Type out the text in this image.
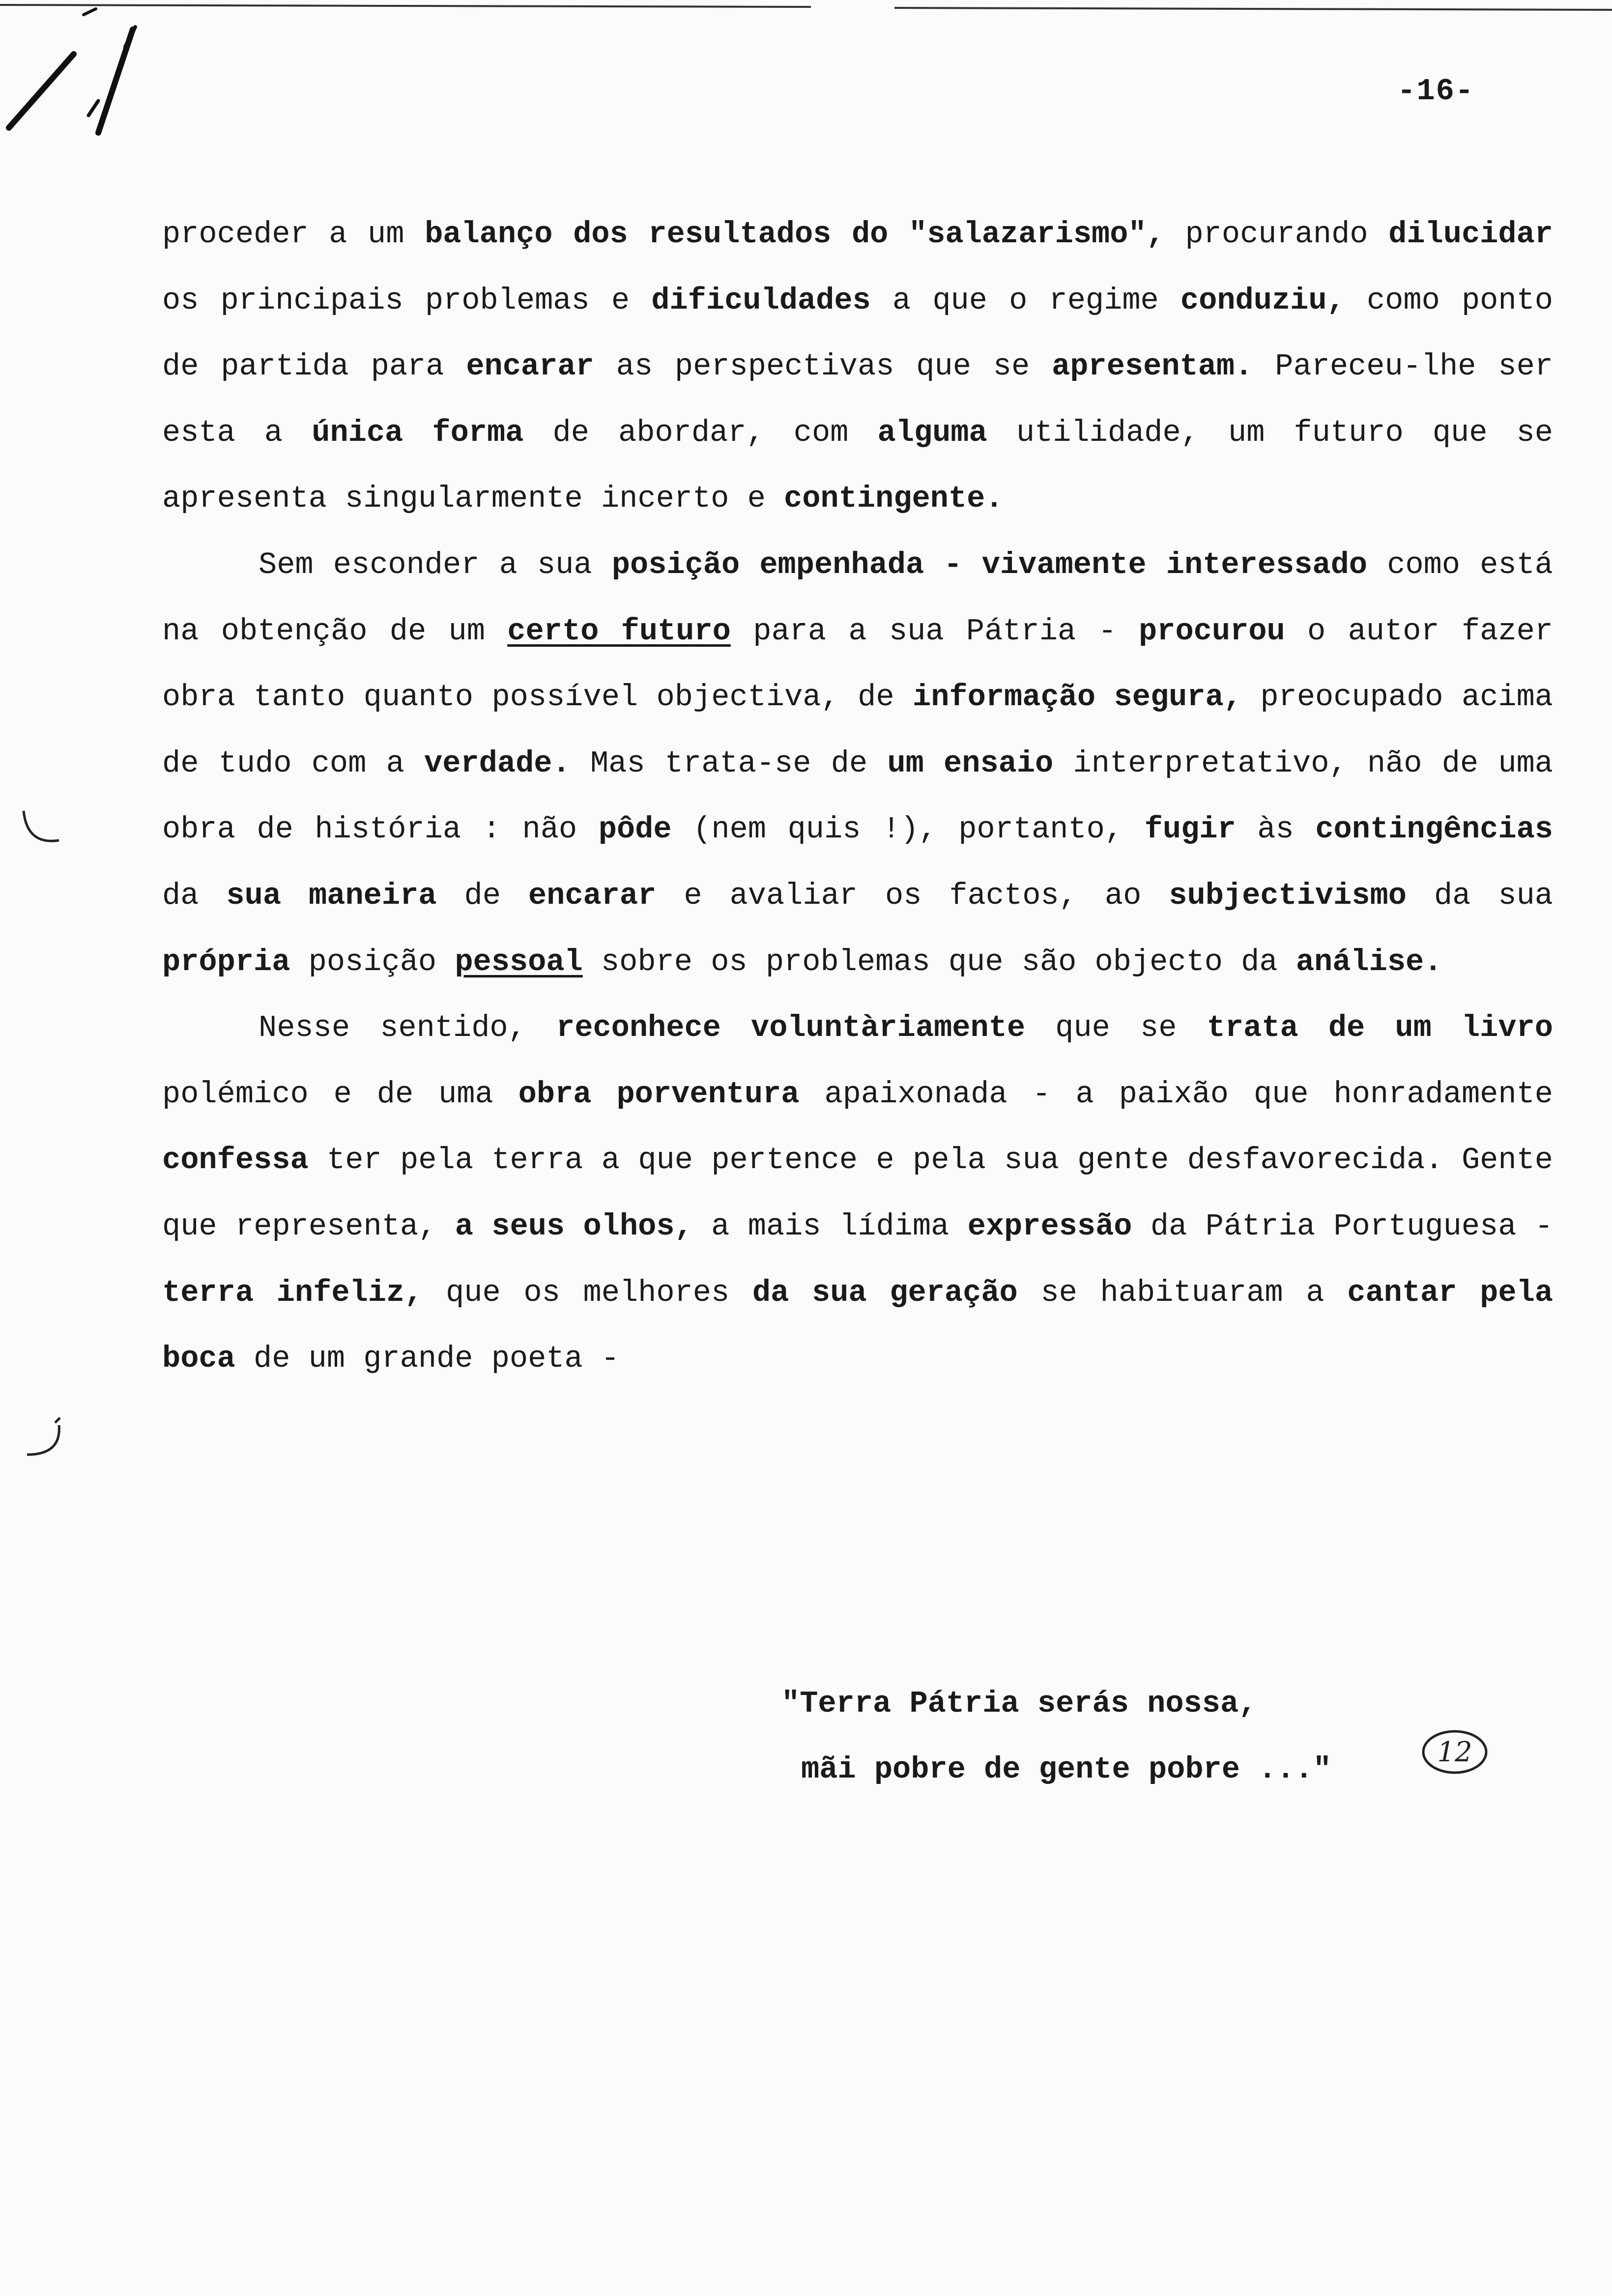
-16-

proceder a um balanço dos resultados do "salazarismo", procurando dilucidar os principais problemas e dificuldades a que o regime conduziu, como ponto de partida para encarar as perspectivas que se apresentam. Pareceu-lhe ser esta a única forma de abordar, com alguma utilidade, um futuro que se apresenta singularmente incerto e contingente.

Sem esconder a sua posição empenhada - vivamente interessado como está na obtenção de um certo futuro para a sua Pátria - procurou o autor fazer obra tanto quanto possível objectiva, de informação segura, preocupado acima de tudo com a verdade. Mas trata-se de um ensaio interpretativo, não de uma obra de história : não pôde (nem quis !), portanto, fugir às contingências da sua maneira de encarar e avaliar os factos, ao subjectivismo da sua própria posição pessoal sobre os problemas que são objecto da análise.

Nesse sentido, reconhece voluntàriamente que se trata de um livro polémico e de uma obra porventura apaixonada - a paixão que honradamente confessa ter pela terra a que pertence e pela sua gente desfavorecida. Gente que representa, a seus olhos, a mais lídima expressão da Pátria Portuguesa - terra infeliz, que os melhores da sua geração se habituaram a cantar pela boca de um grande poeta -

"Terra Pátria serás nossa,
mãi pobre de gente pobre ..."	12
